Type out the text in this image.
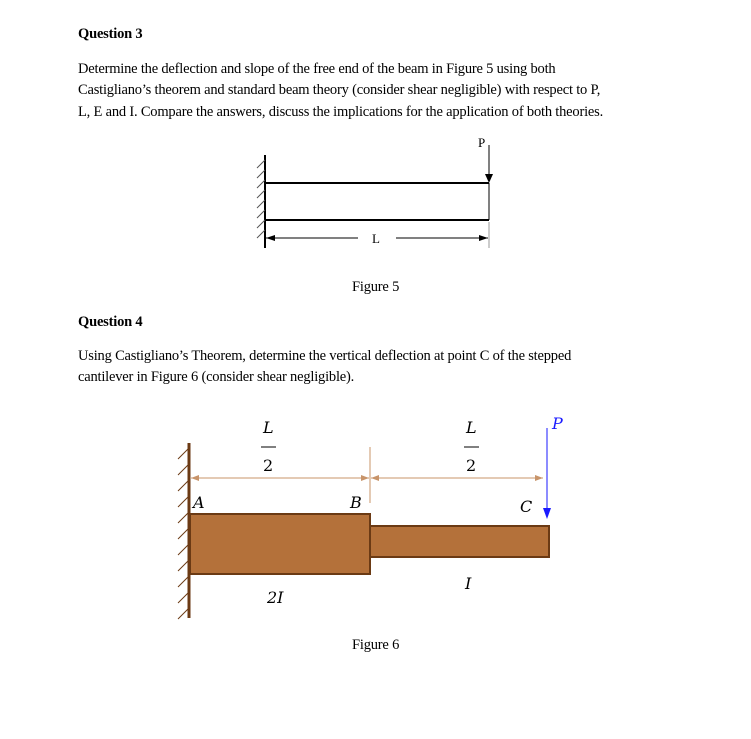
Question 3
Determine the deflection and slope of the free end of the beam in Figure 5 using both
Castigliano’s theorem and standard beam theory (consider shear negligible) with respect to P,
L, E and I. Compare the answers, discuss the implications for the application of both theories.
P
L
L
2
L
2
A	B	C
P
2I
I
Figure 5
Question 4
Using Castigliano’s Theorem, determine the vertical deflection at point C of the stepped
cantilever in Figure 6 (consider shear negligible).
Figure 6
